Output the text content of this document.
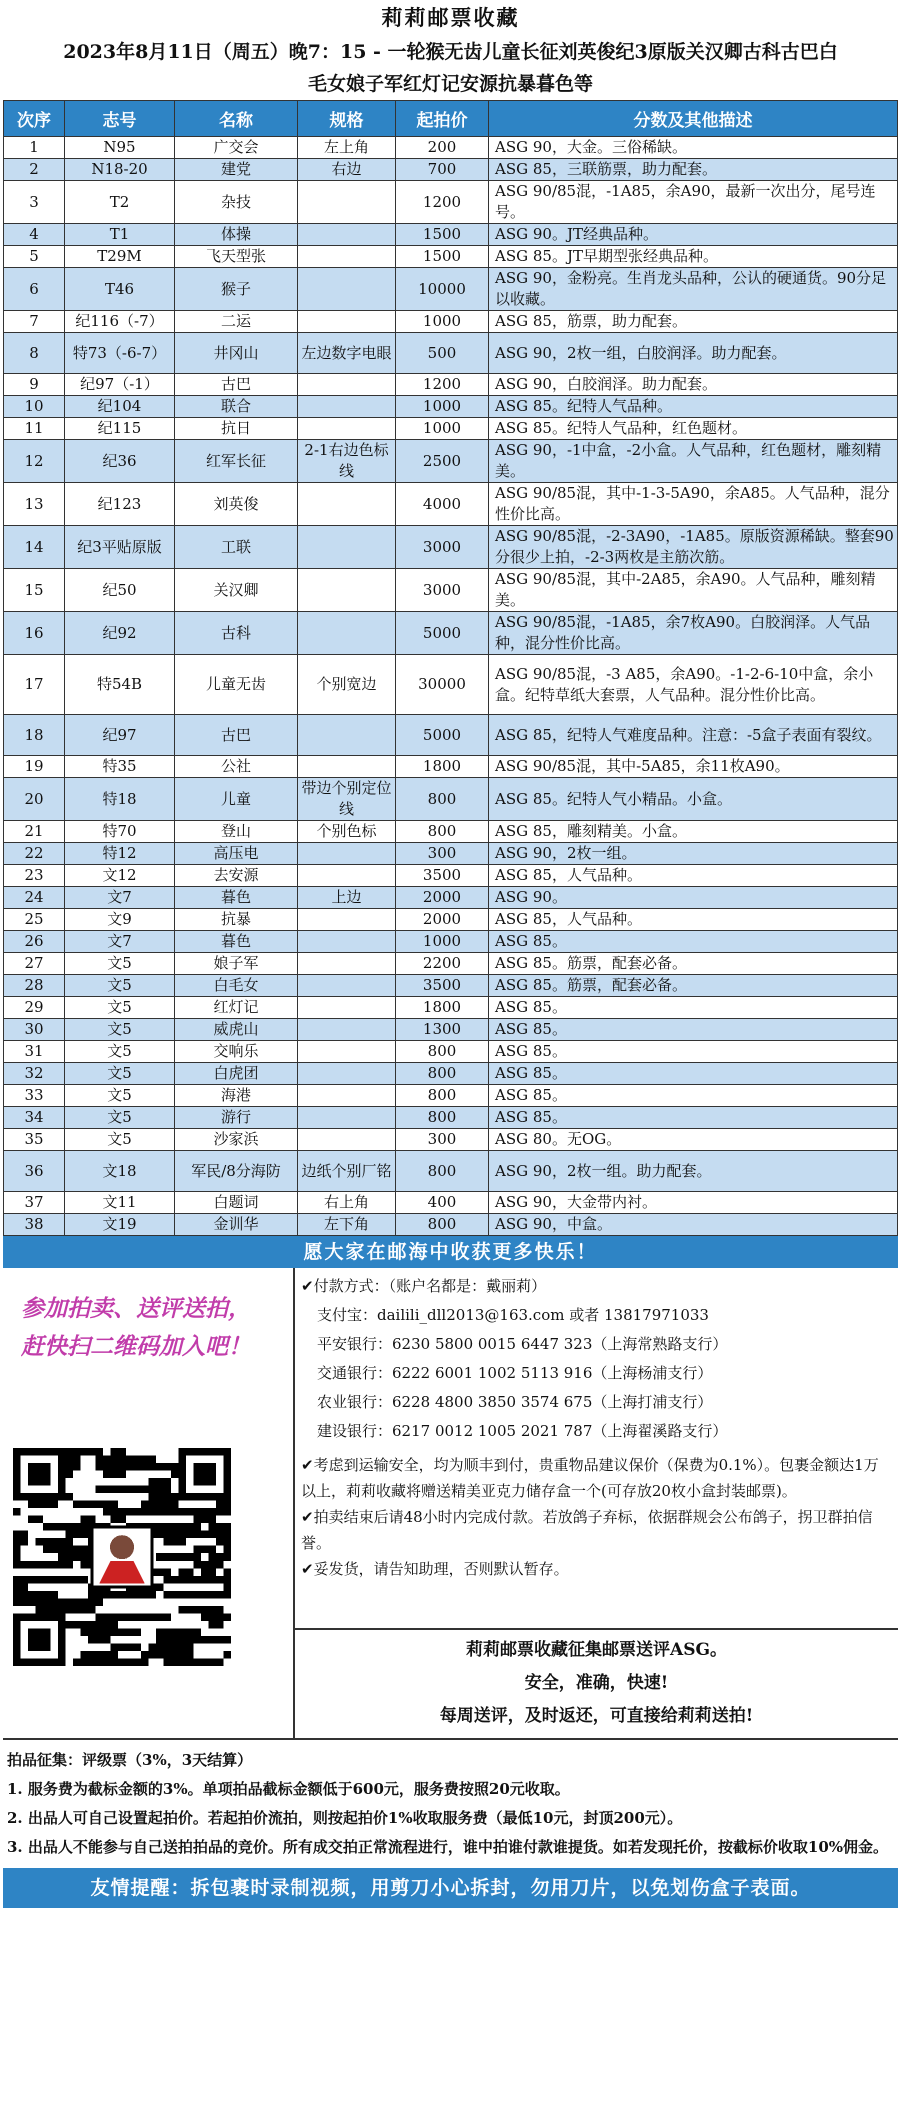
莉莉邮票收藏
2023年8月11日（周五）晚7：15 - 一轮猴无齿儿童长征刘英俊纪3原版关汉卿古科古巴白
毛女娘子军红灯记安源抗暴暮色等
次序	志号	名称	规格	起拍价	分数及其他描述
1	N95	广交会	左上角	200	ASG 90，大金。三俗稀缺。
2	N18-20	建党	右边	700	ASG 85，三联筋票，助力配套。
3	T2	杂技		1200	ASG 90/85混，-1A85，余A90，最新一次出分，尾号连号。
4	T1	体操		1500	ASG 90。JT经典品种。
5	T29M	飞天型张		1500	ASG 85。JT早期型张经典品种。
6	T46	猴子		10000	ASG 90，金粉亮。生肖龙头品种，公认的硬通货。90分足以收藏。
7	纪116（-7）	二运		1000	ASG 85，筋票，助力配套。
8	特73（-6-7）	井冈山	左边数字电眼	500	ASG 90，2枚一组，白胶润泽。助力配套。
9	纪97（-1）	古巴		1200	ASG 90，白胶润泽。助力配套。
10	纪104	联合		1000	ASG 85。纪特人气品种。
11	纪115	抗日		1000	ASG 85。纪特人气品种，红色题材。
12	纪36	红军长征	2-1右边色标线	2500	ASG 90，-1中盒，-2小盒。人气品种，红色题材，雕刻精美。
13	纪123	刘英俊		4000	ASG 90/85混，其中-1-3-5A90，余A85。人气品种，混分性价比高。
14	纪3平贴原版	工联		3000	ASG 90/85混，-2-3A90，-1A85。原版资源稀缺。整套90分很少上拍，-2-3两枚是主筋次筋。
15	纪50	关汉卿		3000	ASG 90/85混，其中-2A85，余A90。人气品种，雕刻精美。
16	纪92	古科		5000	ASG 90/85混，-1A85，余7枚A90。白胶润泽。人气品种，混分性价比高。
17	特54B	儿童无齿	个别宽边	30000	ASG 90/85混，-3 A85，余A90。-1-2-6-10中盒，余小盒。纪特草纸大套票，人气品种。混分性价比高。
18	纪97	古巴		5000	ASG 85，纪特人气难度品种。注意：-5盒子表面有裂纹。
19	特35	公社		1800	ASG 90/85混，其中-5A85，余11枚A90。
20	特18	儿童	带边个别定位线	800	ASG 85。纪特人气小精品。小盒。
21	特70	登山	个别色标	800	ASG 85，雕刻精美。小盒。
22	特12	高压电		300	ASG 90，2枚一组。
23	文12	去安源		3500	ASG 85，人气品种。
24	文7	暮色	上边	2000	ASG 90。
25	文9	抗暴		2000	ASG 85，人气品种。
26	文7	暮色		1000	ASG 85。
27	文5	娘子军		2200	ASG 85。筋票，配套必备。
28	文5	白毛女		3500	ASG 85。筋票，配套必备。
29	文5	红灯记		1800	ASG 85。
30	文5	威虎山		1300	ASG 85。
31	文5	交响乐		800	ASG 85。
32	文5	白虎团		800	ASG 85。
33	文5	海港		800	ASG 85。
34	文5	游行		800	ASG 85。
35	文5	沙家浜		300	ASG 80。无OG。
36	文18	军民/8分海防	边纸个别厂铭	800	ASG 90，2枚一组。助力配套。
37	文11	白题词	右上角	400	ASG 90，大金带内衬。
38	文19	金训华	左下角	800	ASG 90，中盒。
愿大家在邮海中收获更多快乐！
参加拍卖、送评送拍，
赶快扫二维码加入吧！
✔付款方式：（账户名都是：戴丽莉）
支付宝：dailili_dll2013@163.com 或者 13817971033
平安银行：6230 5800 0015 6447 323（上海常熟路支行）
交通银行：6222 6001 1002 5113 916（上海杨浦支行）
农业银行：6228 4800 3850 3574 675（上海打浦支行）
建设银行：6217 0012 1005 2021 787（上海翟溪路支行）
✔考虑到运输安全，均为顺丰到付，贵重物品建议保价（保费为0.1%）。包裹金额达1万以上，莉莉收藏将赠送精美亚克力储存盒一个(可存放20枚小盒封装邮票)。
✔拍卖结束后请48小时内完成付款。若放鸽子弃标，依据群规会公布鸽子，拐卫群拍信誉。
✔妥发货，请告知助理，否则默认暂存。
莉莉邮票收藏征集邮票送评ASG。
安全，准确，快速!
每周送评，及时返还，可直接给莉莉送拍!
拍品征集：评级票（3%，3天结算）
1. 服务费为截标金额的3%。单项拍品截标金额低于600元，服务费按照20元收取。
2. 出品人可自己设置起拍价。若起拍价流拍，则按起拍价1%收取服务费（最低10元，封顶200元）。
3. 出品人不能参与自己送拍拍品的竞价。所有成交拍正常流程进行，谁中拍谁付款谁提货。如若发现托价，按截标价收取10%佣金。
友情提醒：拆包裹时录制视频，用剪刀小心拆封，勿用刀片，以免划伤盒子表面。
